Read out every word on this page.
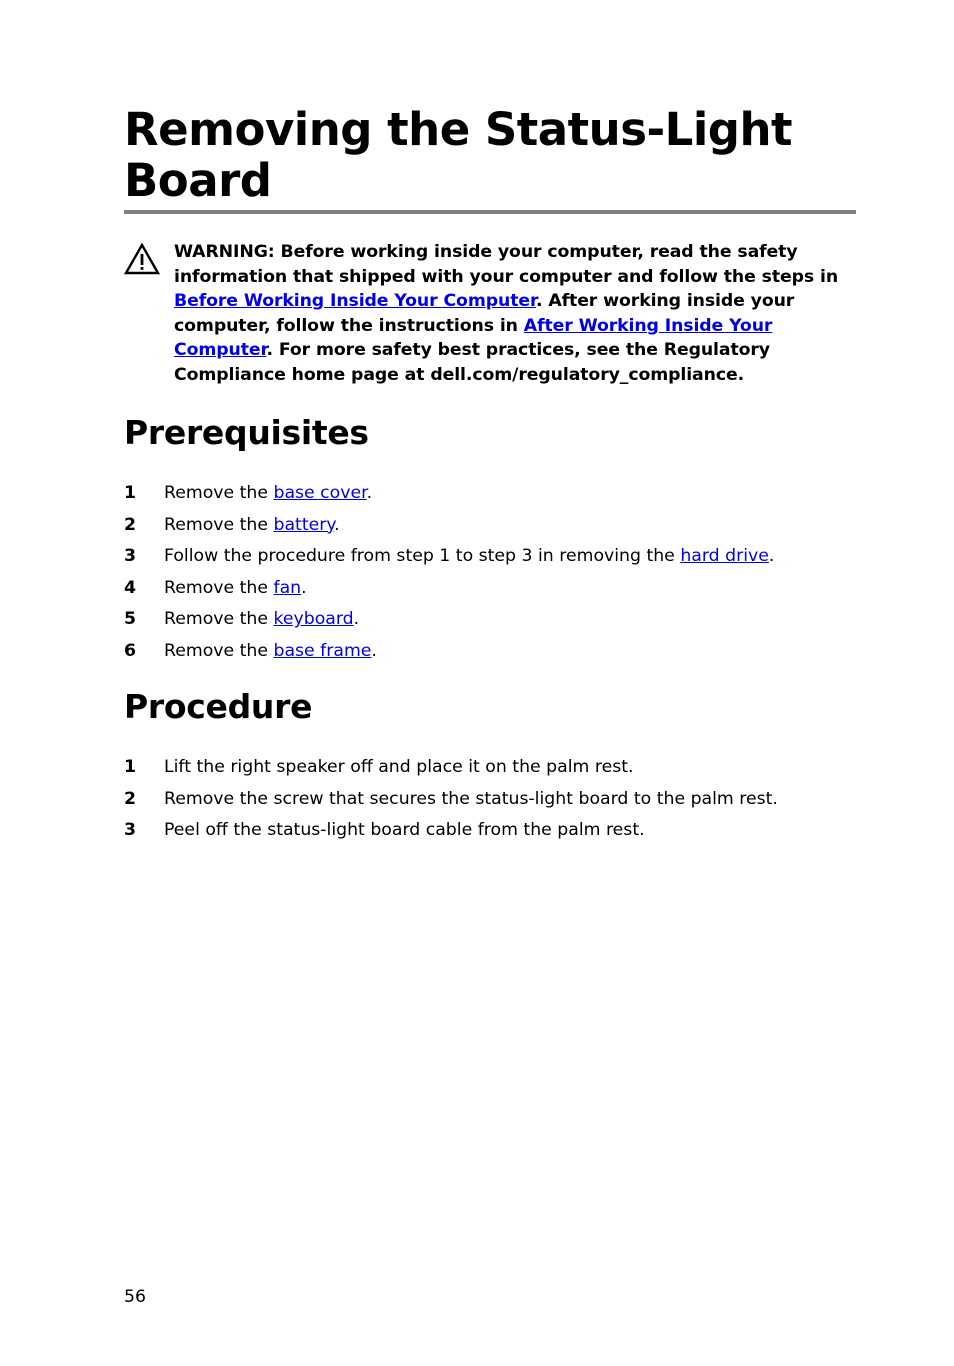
Removing the Status-Light
Board
WARNING: Before working inside your computer, read the safety information that shipped with your computer and follow the steps in Before Working Inside Your Computer. After working inside your computer, follow the instructions in After Working Inside Your Computer. For more safety best practices, see the Regulatory Compliance home page at dell.com/regulatory_compliance.
Prerequisites
1 Remove the base cover.
2 Remove the battery.
3 Follow the procedure from step 1 to step 3 in removing the hard drive.
4 Remove the fan.
5 Remove the keyboard.
6 Remove the base frame.
Procedure
1 Lift the right speaker off and place it on the palm rest.
2 Remove the screw that secures the status-light board to the palm rest.
3 Peel off the status-light board cable from the palm rest.
56
